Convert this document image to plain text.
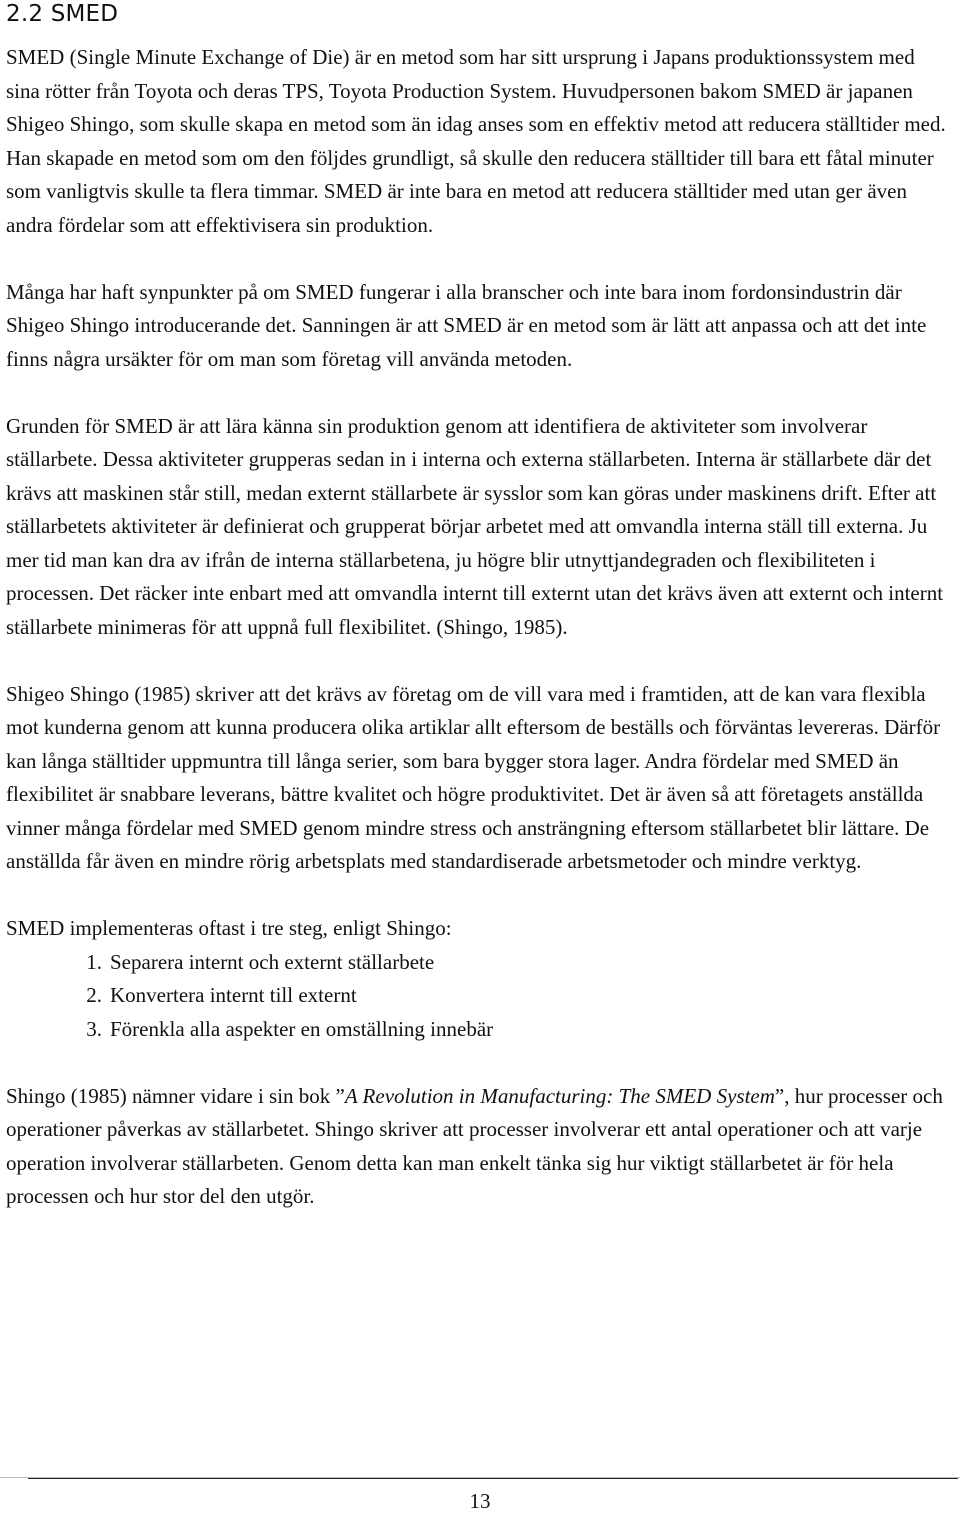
2.2 SMED

SMED (Single Minute Exchange of Die) är en metod som har sitt ursprung i Japans produktionssystem med sina rötter från Toyota och deras TPS, Toyota Production System. Huvudpersonen bakom SMED är japanen Shigeo Shingo, som skulle skapa en metod som än idag anses som en effektiv metod att reducera ställtider med. Han skapade en metod som om den följdes grundligt, så skulle den reducera ställtider till bara ett fåtal minuter som vanligtvis skulle ta flera timmar. SMED är inte bara en metod att reducera ställtider med utan ger även andra fördelar som att effektivisera sin produktion.

Många har haft synpunkter på om SMED fungerar i alla branscher och inte bara inom fordonsindustrin där Shigeo Shingo introducerande det. Sanningen är att SMED är en metod som är lätt att anpassa och att det inte finns några ursäkter för om man som företag vill använda metoden.

Grunden för SMED är att lära känna sin produktion genom att identifiera de aktiviteter som involverar ställarbete. Dessa aktiviteter grupperas sedan in i interna och externa ställarbeten. Interna är ställarbete där det krävs att maskinen står still, medan externt ställarbete är sysslor som kan göras under maskinens drift. Efter att ställarbetets aktiviteter är definierat och grupperat börjar arbetet med att omvandla interna ställ till externa. Ju mer tid man kan dra av ifrån de interna ställarbetena, ju högre blir utnyttjandegraden och flexibiliteten i processen. Det räcker inte enbart med att omvandla internt till externt utan det krävs även att externt och internt ställarbete minimeras för att uppnå full flexibilitet. (Shingo, 1985).

Shigeo Shingo (1985) skriver att det krävs av företag om de vill vara med i framtiden, att de kan vara flexibla mot kunderna genom att kunna producera olika artiklar allt eftersom de beställs och förväntas levereras. Därför kan långa ställtider uppmuntra till långa serier, som bara bygger stora lager. Andra fördelar med SMED än flexibilitet är snabbare leverans, bättre kvalitet och högre produktivitet. Det är även så att företagets anställda vinner många fördelar med SMED genom mindre stress och ansträngning eftersom ställarbetet blir lättare. De anställda får även en mindre rörig arbetsplats med standardiserade arbetsmetoder och mindre verktyg.

SMED implementeras oftast i tre steg, enligt Shingo:

1. Separera internt och externt ställarbete
2. Konvertera internt till externt
3. Förenkla alla aspekter en omställning innebär

Shingo (1985) nämner vidare i sin bok ”A Revolution in Manufacturing: The SMED System”, hur processer och operationer påverkas av ställarbetet. Shingo skriver att processer involverar ett antal operationer och att varje operation involverar ställarbeten. Genom detta kan man enkelt tänka sig hur viktigt ställarbetet är för hela processen och hur stor del den utgör.

13
